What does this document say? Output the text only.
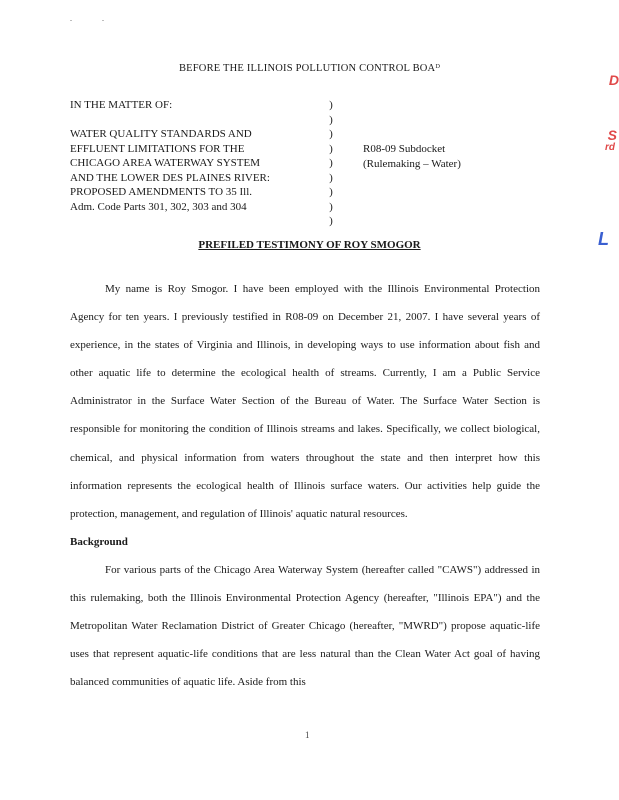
.	.
BEFORE THE ILLINOIS POLLUTION CONTROL BOAᴰ
D
S
rd
L
IN THE MATTER OF:

WATER QUALITY STANDARDS AND
EFFLUENT LIMITATIONS FOR THE
CHICAGO AREA WATERWAY SYSTEM
AND THE LOWER DES PLAINES RIVER:
PROPOSED AMENDMENTS TO 35 Ill.
Adm. Code Parts 301, 302, 303 and 304
)
)
)
)
)
)
)
)
)
R08-09 Subdocket
(Rulemaking – Water)
PREFILED TESTIMONY OF ROY SMOGOR

My name is Roy Smogor. I have been employed with the Illinois Environmental Protection Agency for ten years. I previously testified in R08-09 on December 21, 2007. I have several years of experience, in the states of Virginia and Illinois, in developing ways to use information about fish and other aquatic life to determine the ecological health of streams. Currently, I am a Public Service Administrator in the Surface Water Section of the Bureau of Water. The Surface Water Section is responsible for monitoring the condition of Illinois streams and lakes. Specifically, we collect biological, chemical, and physical information from waters throughout the state and then interpret how this information represents the ecological health of Illinois surface waters. Our activities help guide the protection, management, and regulation of Illinois' aquatic natural resources.

Background

For various parts of the Chicago Area Waterway System (hereafter called "CAWS") addressed in this rulemaking, both the Illinois Environmental Protection Agency (hereafter, "Illinois EPA") and the Metropolitan Water Reclamation District of Greater Chicago (hereafter, "MWRD") propose aquatic-life uses that represent aquatic-life conditions that are less natural than the Clean Water Act goal of having balanced communities of aquatic life. Aside from this

1
